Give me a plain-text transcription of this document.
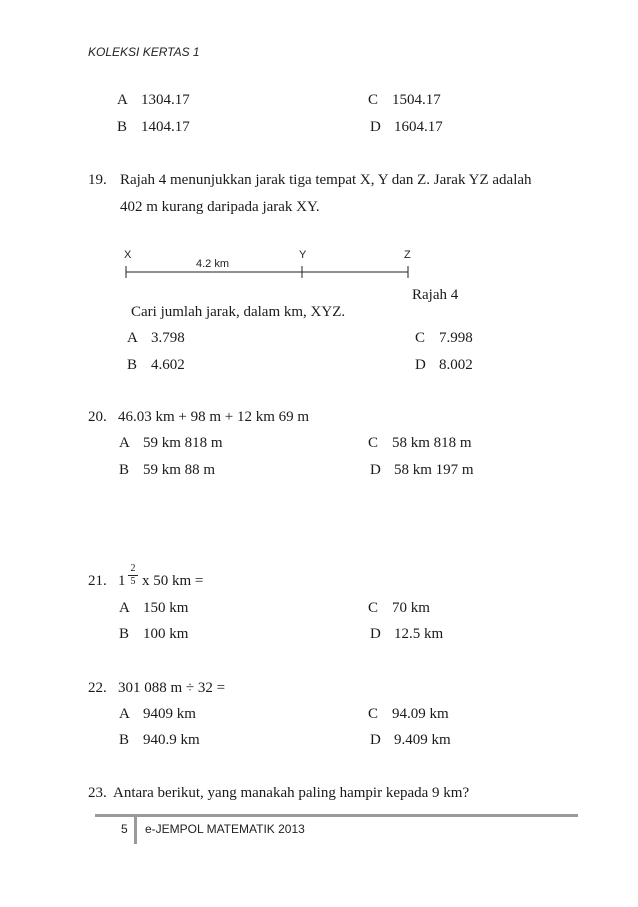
KOLEKSI KERTAS 1
A 1304.17	C 1504.17
B 1404.17	D 1604.17
19. Rajah 4 menunjukkan jarak tiga tempat X, Y dan Z. Jarak YZ adalah
402 m kurang daripada jarak XY.
X	Y	Z
4.2 km
Rajah 4
Cari jumlah jarak, dalam km, XYZ.
A 3.798	C 7.998
B 4.602	D 8.002
20. 46.03 km + 98 m + 12 km 69 m
A 59 km 818 m	C 58 km 818 m
B 59 km 88 m	D 58 km 197 m
21. 1
2
5 x 50 km =
A 150 km	C 70 km
B 100 km	D 12.5 km
22. 301 088 m ÷ 32 =
A 9409 km	C 94.09 km
B 940.9 km	D 9.409 km
23. Antara berikut, yang manakah paling hampir kepada 9 km?
5 e-JEMPOL MATEMATIK 2013
